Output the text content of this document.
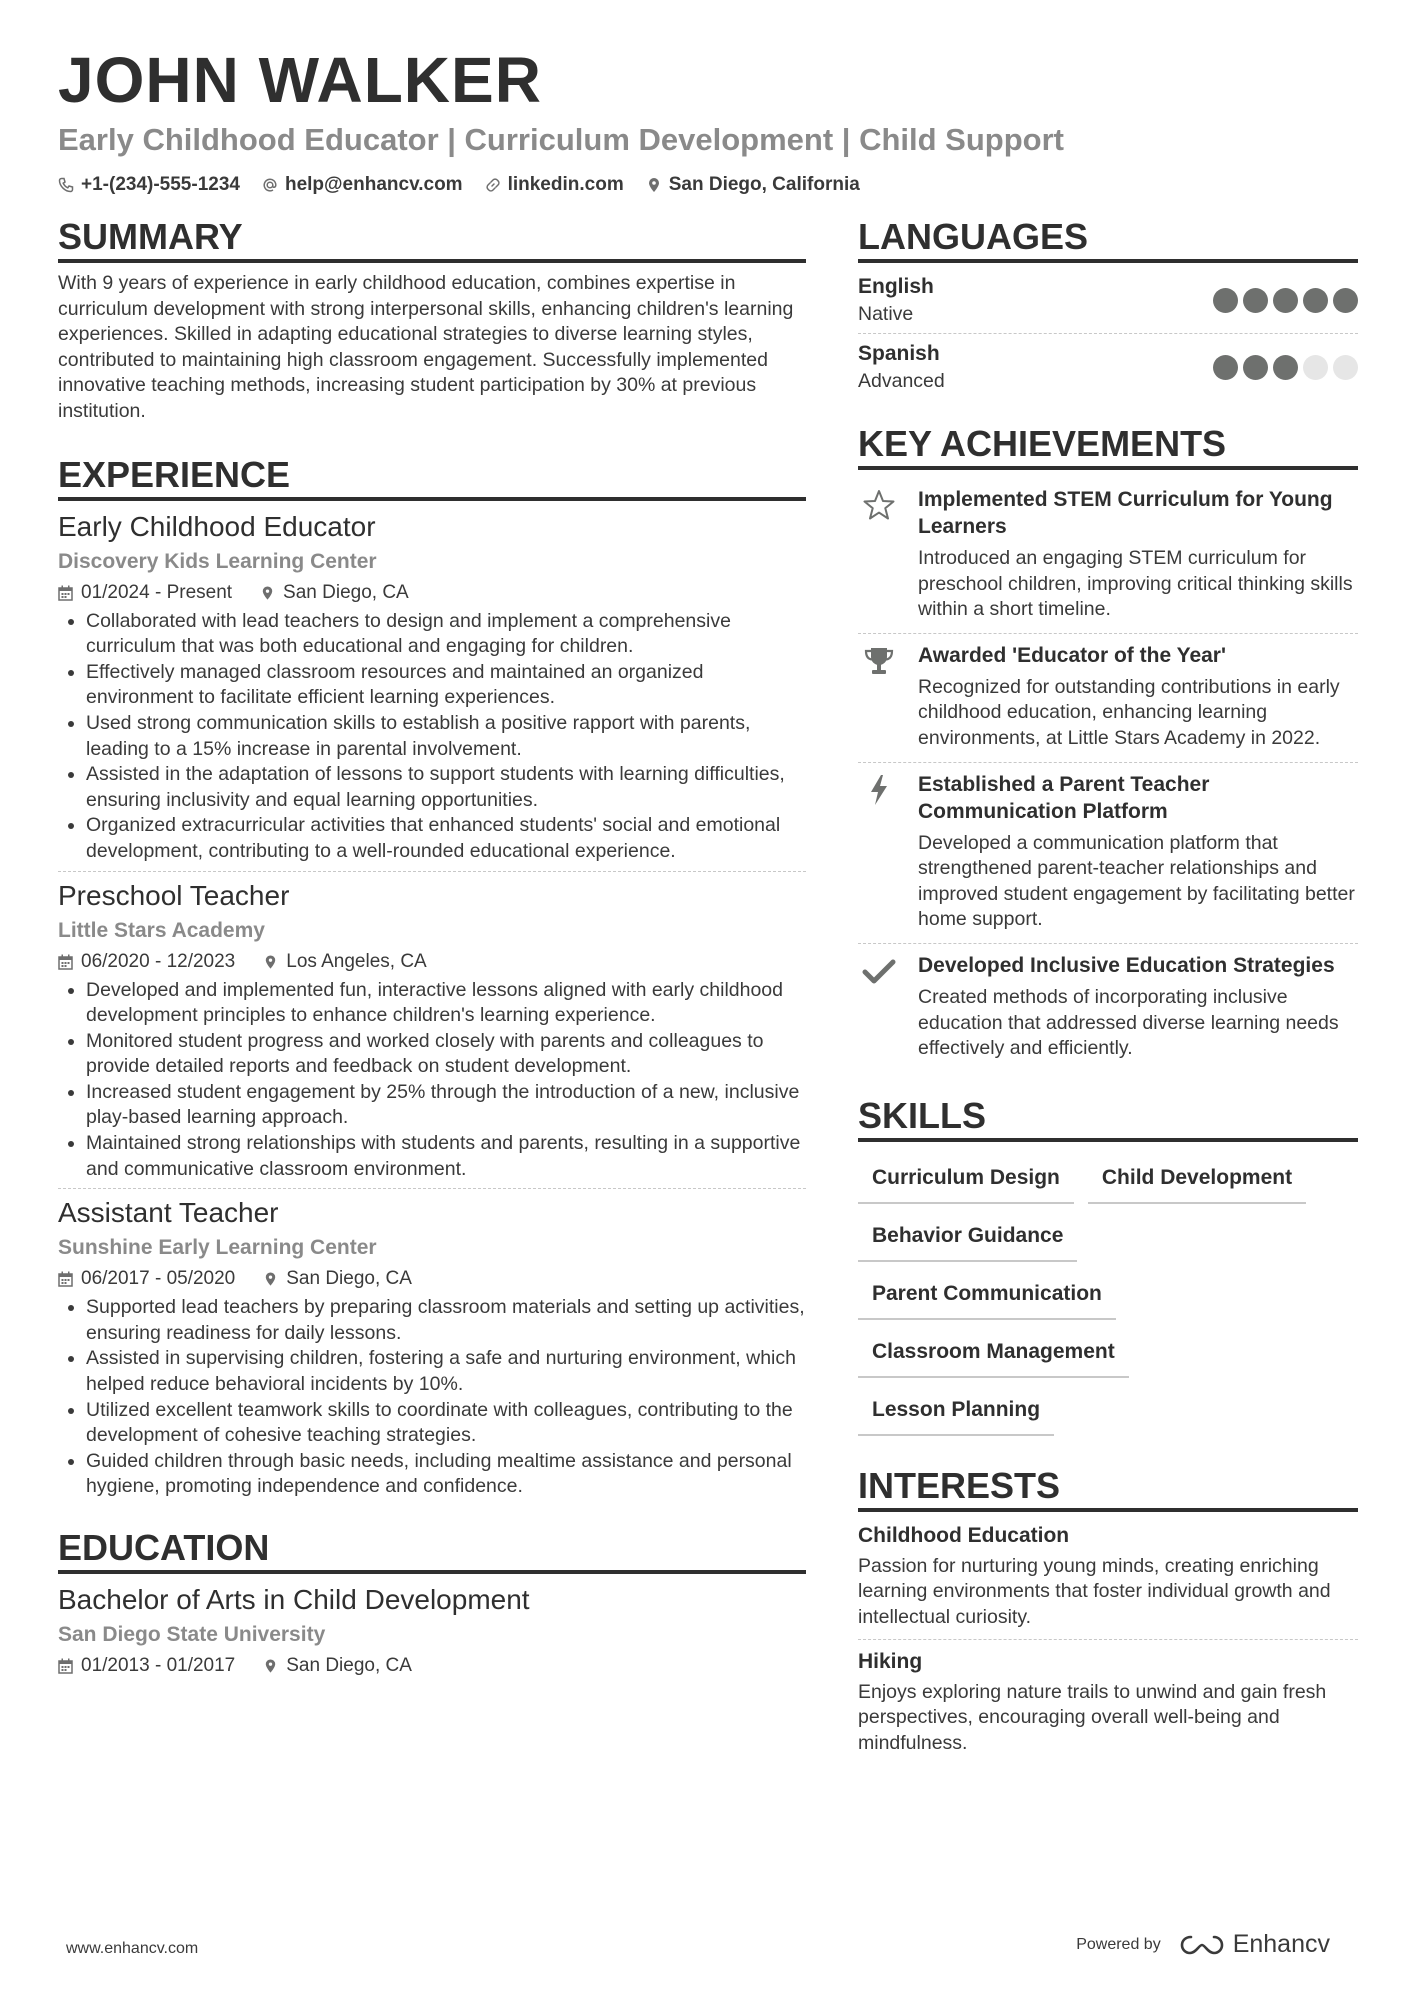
JOHN WALKER
Early Childhood Educator | Curriculum Development | Child Support
+1-(234)-555-1234 help@enhancv.com linkedin.com San Diego, California
SUMMARY
With 9 years of experience in early childhood education, combines expertise in curriculum development with strong interpersonal skills, enhancing children's learning experiences. Skilled in adapting educational strategies to diverse learning styles, contributed to maintaining high classroom engagement. Successfully implemented innovative teaching methods, increasing student participation by 30% at previous institution.
EXPERIENCE
Early Childhood Educator
Discovery Kids Learning Center
01/2024 - Present	San Diego, CA
• Collaborated with lead teachers to design and implement a comprehensive curriculum that was both educational and engaging for children.
• Effectively managed classroom resources and maintained an organized environment to facilitate efficient learning experiences.
• Used strong communication skills to establish a positive rapport with parents, leading to a 15% increase in parental involvement.
• Assisted in the adaptation of lessons to support students with learning difficulties, ensuring inclusivity and equal learning opportunities.
• Organized extracurricular activities that enhanced students' social and emotional development, contributing to a well-rounded educational experience.
Preschool Teacher
Little Stars Academy
06/2020 - 12/2023	Los Angeles, CA
• Developed and implemented fun, interactive lessons aligned with early childhood development principles to enhance children's learning experience.
• Monitored student progress and worked closely with parents and colleagues to provide detailed reports and feedback on student development.
• Increased student engagement by 25% through the introduction of a new, inclusive play-based learning approach.
• Maintained strong relationships with students and parents, resulting in a supportive and communicative classroom environment.
Assistant Teacher
Sunshine Early Learning Center
06/2017 - 05/2020	San Diego, CA
• Supported lead teachers by preparing classroom materials and setting up activities, ensuring readiness for daily lessons.
• Assisted in supervising children, fostering a safe and nurturing environment, which helped reduce behavioral incidents by 10%.
• Utilized excellent teamwork skills to coordinate with colleagues, contributing to the development of cohesive teaching strategies.
• Guided children through basic needs, including mealtime assistance and personal hygiene, promoting independence and confidence.
EDUCATION
Bachelor of Arts in Child Development
San Diego State University
01/2013 - 01/2017	San Diego, CA
LANGUAGES
English
Native
Spanish
Advanced
KEY ACHIEVEMENTS
Implemented STEM Curriculum for Young Learners
Introduced an engaging STEM curriculum for preschool children, improving critical thinking skills within a short timeline.
Awarded 'Educator of the Year'
Recognized for outstanding contributions in early childhood education, enhancing learning environments, at Little Stars Academy in 2022.
Established a Parent Teacher Communication Platform
Developed a communication platform that strengthened parent-teacher relationships and improved student engagement by facilitating better home support.
Developed Inclusive Education Strategies
Created methods of incorporating inclusive education that addressed diverse learning needs effectively and efficiently.
SKILLS
Curriculum Design	Child Development
Behavior Guidance
Parent Communication
Classroom Management
Lesson Planning
INTERESTS
Childhood Education
Passion for nurturing young minds, creating enriching learning environments that foster individual growth and intellectual curiosity.
Hiking
Enjoys exploring nature trails to unwind and gain fresh perspectives, encouraging overall well-being and mindfulness.
www.enhancv.com	Powered by	Enhancv
